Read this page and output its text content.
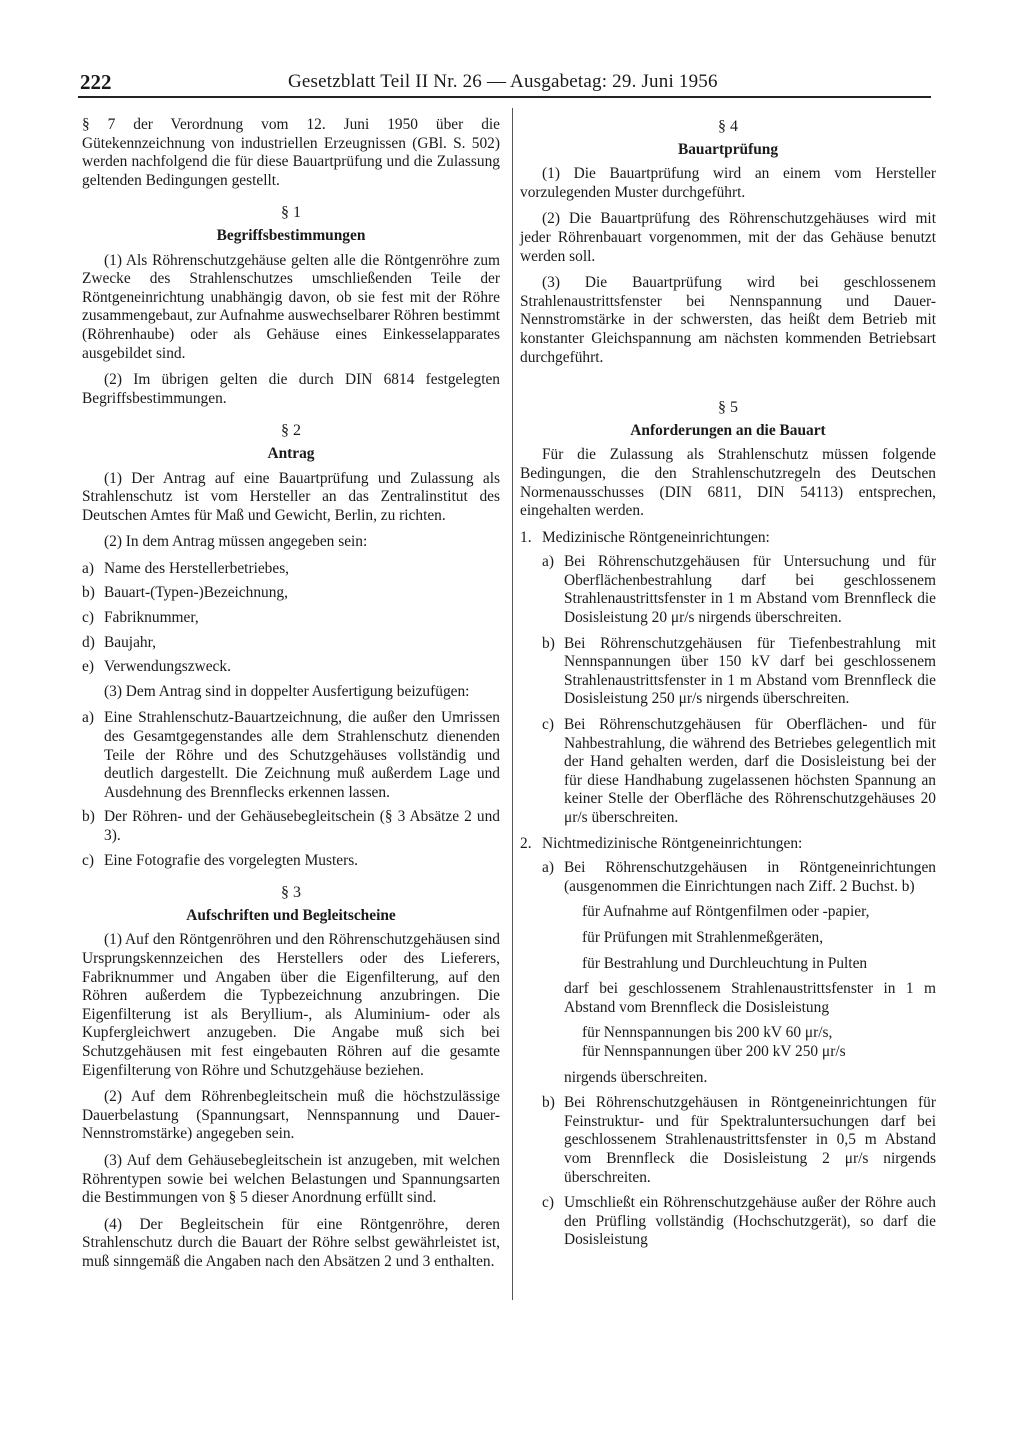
222	Gesetzblatt Teil II Nr. 26 — Ausgabetag: 29. Juni 1956

§ 7 der Verordnung vom 12. Juni 1950 über die Gütekennzeichnung von industriellen Erzeugnissen (GBl. S. 502) werden nachfolgend die für diese Bauartprüfung und die Zulassung geltenden Bedingungen gestellt.

§ 1
Begriffsbestimmungen

(1) Als Röhrenschutzgehäuse gelten alle die Röntgenröhre zum Zwecke des Strahlenschutzes umschließenden Teile der Röntgeneinrichtung unabhängig davon, ob sie fest mit der Röhre zusammengebaut, zur Aufnahme auswechselbarer Röhren bestimmt (Röhrenhaube) oder als Gehäuse eines Einkesselapparates ausgebildet sind.

(2) Im übrigen gelten die durch DIN 6814 festgelegten Begriffsbestimmungen.

§ 2
Antrag

(1) Der Antrag auf eine Bauartprüfung und Zulassung als Strahlenschutz ist vom Hersteller an das Zentralinstitut des Deutschen Amtes für Maß und Gewicht, Berlin, zu richten.

(2) In dem Antrag müssen angegeben sein:

a) Name des Herstellerbetriebes,
b) Bauart-(Typen-)Bezeichnung,
c) Fabriknummer,
d) Baujahr,
e) Verwendungszweck.

(3) Dem Antrag sind in doppelter Ausfertigung beizufügen:

a) Eine Strahlenschutz-Bauartzeichnung, die außer den Umrissen des Gesamtgegenstandes alle dem Strahlenschutz dienenden Teile der Röhre und des Schutzgehäuses vollständig und deutlich dargestellt. Die Zeichnung muß außerdem Lage und Ausdehnung des Brennflecks erkennen lassen.
b) Der Röhren- und der Gehäusebegleitschein (§ 3 Absätze 2 und 3).
c) Eine Fotografie des vorgelegten Musters.
§ 3
Aufschriften und Begleitscheine

(1) Auf den Röntgenröhren und den Röhrenschutzgehäusen sind Ursprungskennzeichen des Herstellers oder des Lieferers, Fabriknummer und Angaben über die Eigenfilterung, auf den Röhren außerdem die Typbezeichnung anzubringen. Die Eigenfilterung ist als Beryllium-, als Aluminium- oder als Kupfergleichwert anzugeben. Die Angabe muß sich bei Schutzgehäusen mit fest eingebauten Röhren auf die gesamte Eigenfilterung von Röhre und Schutzgehäuse beziehen.

(2) Auf dem Röhrenbegleitschein muß die höchstzulässige Dauerbelastung (Spannungsart, Nennspannung und Dauer-Nennstromstärke) angegeben sein.

(3) Auf dem Gehäusebegleitschein ist anzugeben, mit welchen Röhrentypen sowie bei welchen Belastungen und Spannungsarten die Bestimmungen von § 5 dieser Anordnung erfüllt sind.

(4) Der Begleitschein für eine Röntgenröhre, deren Strahlenschutz durch die Bauart der Röhre selbst gewährleistet ist, muß sinngemäß die Angaben nach den Absätzen 2 und 3 enthalten.

§ 4
Bauartprüfung

(1) Die Bauartprüfung wird an einem vom Hersteller vorzulegenden Muster durchgeführt.

(2) Die Bauartprüfung des Röhrenschutzgehäuses wird mit jeder Röhrenbauart vorgenommen, mit der das Gehäuse benutzt werden soll.

(3) Die Bauartprüfung wird bei geschlossenem Strahlenaustrittsfenster bei Nennspannung und Dauer-Nennstromstärke in der schwersten, das heißt dem Betrieb mit konstanter Gleichspannung am nächsten kommenden Betriebsart durchgeführt.

§ 5
Anforderungen an die Bauart

Für die Zulassung als Strahlenschutz müssen folgende Bedingungen, die den Strahlenschutzregeln des Deutschen Normenausschusses (DIN 6811, DIN 54113) entsprechen, eingehalten werden.

1. Medizinische Röntgeneinrichtungen:
a) Bei Röhrenschutzgehäusen für Untersuchung und für Oberflächenbestrahlung darf bei geschlossenem Strahlenaustrittsfenster in 1 m Abstand vom Brennfleck die Dosisleistung 20 μr/s nirgends überschreiten.
b) Bei Röhrenschutzgehäusen für Tiefenbestrahlung mit Nennspannungen über 150 kV darf bei geschlossenem Strahlenaustrittsfenster in 1 m Abstand vom Brennfleck die Dosisleistung 250 μr/s nirgends überschreiten.
c) Bei Röhrenschutzgehäusen für Oberflächen- und für Nahbestrahlung, die während des Betriebes gelegentlich mit der Hand gehalten werden, darf die Dosisleistung bei der für diese Handhabung zugelassenen höchsten Spannung an keiner Stelle der Oberfläche des Röhrenschutzgehäuses 20 μr/s überschreiten.
2. Nichtmedizinische Röntgeneinrichtungen:
a) Bei Röhrenschutzgehäusen in Röntgeneinrichtungen (ausgenommen die Einrichtungen nach Ziff. 2 Buchst. b)
für Aufnahme auf Röntgenfilmen oder -papier,
für Prüfungen mit Strahlenmeßgeräten,
für Bestrahlung und Durchleuchtung in Pulten
darf bei geschlossenem Strahlenaustrittsfenster in 1 m Abstand vom Brennfleck die Dosisleistung
für Nennspannungen bis 200 kV 60 μr/s,
für Nennspannungen über 200 kV 250 μr/s
nirgends überschreiten.
b) Bei Röhrenschutzgehäusen in Röntgeneinrichtungen für Feinstruktur- und für Spektraluntersuchungen darf bei geschlossenem Strahlenaustrittsfenster in 0,5 m Abstand vom Brennfleck die Dosisleistung 2 μr/s nirgends überschreiten.
c) Umschließt ein Röhrenschutzgehäuse außer der Röhre auch den Prüfling vollständig (Hochschutzgerät), so darf die Dosisleistung
